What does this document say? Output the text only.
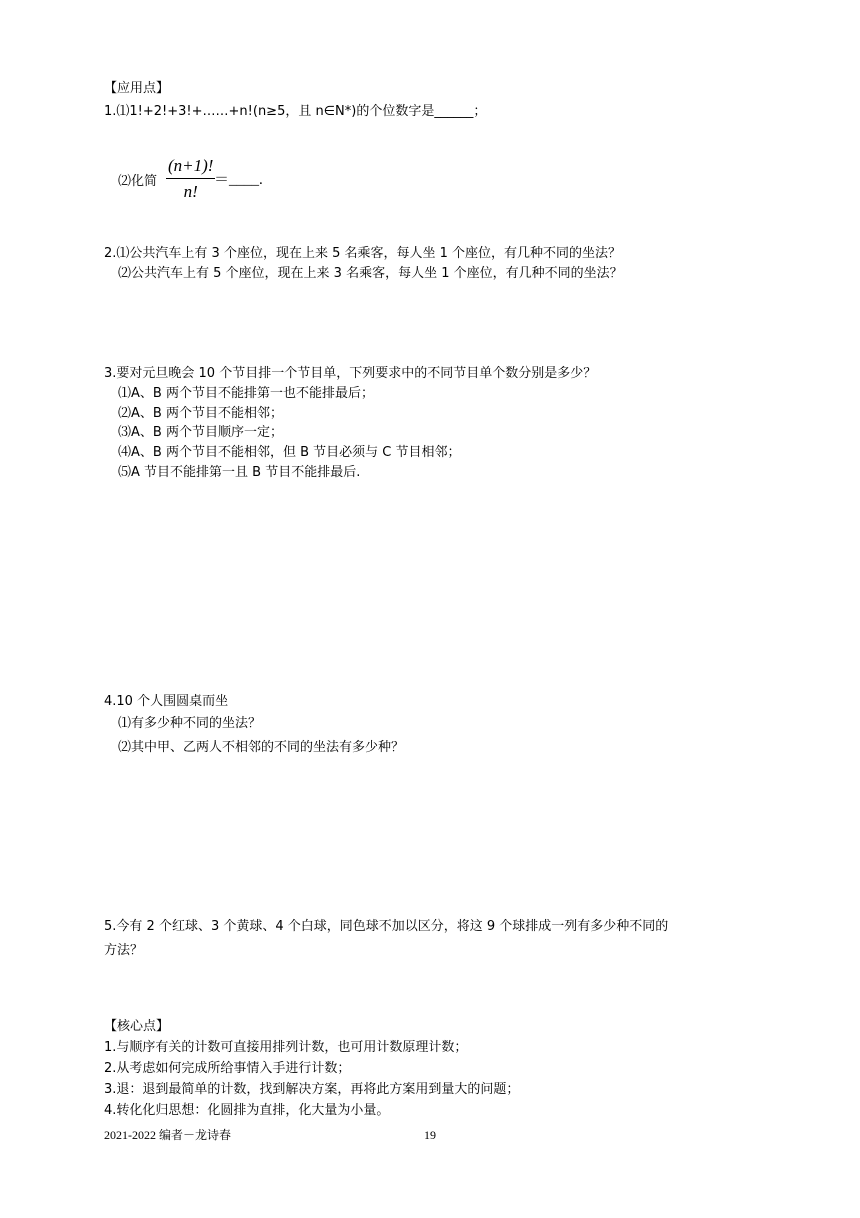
【应用点】
1.⑴1!+2!+3!+……+n!(n≥5，且 n∈N*)的个位数字是______；
⑵化简 $\frac{(n+1)!}{n!}$
＝____.
2.⑴公共汽车上有 3 个座位，现在上来 5 名乘客，每人坐 1 个座位，有几种不同的坐法？
⑵公共汽车上有 5 个座位，现在上来 3 名乘客，每人坐 1 个座位，有几种不同的坐法？
3.要对元旦晚会 10 个节目排一个节目单，下列要求中的不同节目单个数分别是多少？
⑴A、B 两个节目不能排第一也不能排最后；
⑵A、B 两个节目不能相邻；
⑶A、B 两个节目顺序一定；
⑷A、B 两个节目不能相邻，但 B 节目必须与 C 节目相邻；
⑸A 节目不能排第一且 B 节目不能排最后.
4.10 个人围圆桌而坐
⑴有多少种不同的坐法？
⑵其中甲、乙两人不相邻的不同的坐法有多少种？
5.今有 2 个红球、3 个黄球、4 个白球，同色球不加以区分，将这 9 个球排成一列有多少种不同的
方法？
【核心点】
1.与顺序有关的计数可直接用排列计数，也可用计数原理计数；
2.从考虑如何完成所给事情入手进行计数；
3.退：退到最简单的计数，找到解决方案，再将此方案用到量大的问题；
4.转化化归思想：化圆排为直排，化大量为小量。
2021-2022 编者－龙诗春	19
